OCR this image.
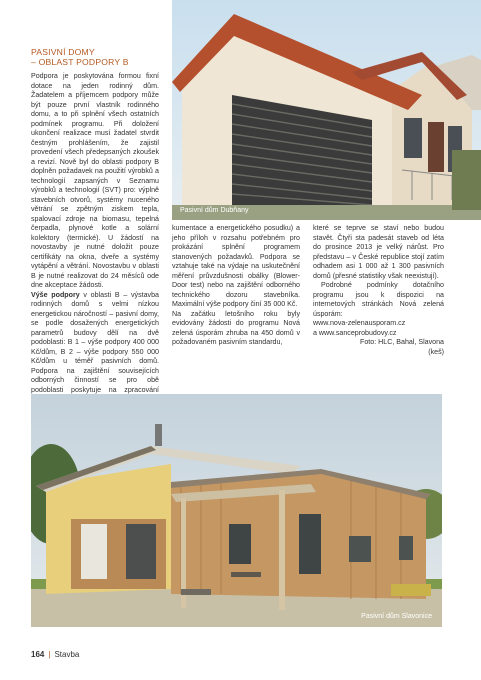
PASIVNÍ DOMY
– OBLAST PODPORY B

Podpora je poskytována formou fixní dotace na jeden rodinný dům. Žadatelem a příjemcem podpory může být pouze první vlastník rodinného domu, a to při splnění všech ostatních podmínek programu. Při doložení ukončení realizace musí žadatel stvrdit čestným prohlášením, že zajistil provedení všech předepsaných zkoušek a revizí. Nově byl do oblasti podpory B doplněn požadavek na použití výrobků a technologií zapsaných v Seznamu výrobků a technologií (SVT) pro: výplně stavebních otvorů, systémy nuceného větrání se zpětným ziskem tepla, spalovací zdroje na biomasu, tepelná čerpadla, plynové kotle a solární kolektory (termické). U žádostí na novostavby je nutné doložit pouze certifikáty na okna, dveře a systémy vytápění a větrání. Novostavbu v oblasti B je nutné realizovat do 24 měsíců ode dne akceptace žádosti.

Výše podpory v oblasti B – výstavba rodinných domů s velmi nízkou energetickou náročností – pasivní domy, se podle dosažených energetických parametrů budovy dělí na dvě podoblasti: B 1 – výše podpory 400 000 Kč/dům, B 2 – výše podpory 550 000 Kč/dům u téměř pasivních domů. Podpora na zajištění souvisejících odborných činností se pro obě podoblasti poskytuje na zpracování

kumentace a energetického posudku) a jeho příloh v rozsahu potřebném pro prokázání splnění programem stanovených požadavků. Podpora se vztahuje také na výdaje na uskutečnění měření průvzdušnosti obálky (Blower-Door test) nebo na zajištění odborného technického dozoru stavebníka. Maximální výše podpory činí 35 000 Kč.

Na začátku letošního roku byly evidovány žádosti do programu Nová zelená úsporám zhruba na 450 domů v požadovaném pasivním standardu,

které se teprve se staví nebo budou stavět. Čtyři sta padesát staveb od léta do prosince 2013 je velký nárůst. Pro představu – v České republice stojí zatím odhadem asi 1 000 až 1 300 pasivních domů (přesné statistiky však neexistují).

Podrobné podmínky dotačního programu jsou k dispozici na internetových stránkách Nová zelená úsporám:

www.nova-zelenausporam.cz

a www.sanceprobudovy.cz

Foto: HLC, Bahal, Slavona

(keš)

Pasivní dům Dubňany
Pasivní dům Slavonice
164 | Stavba
